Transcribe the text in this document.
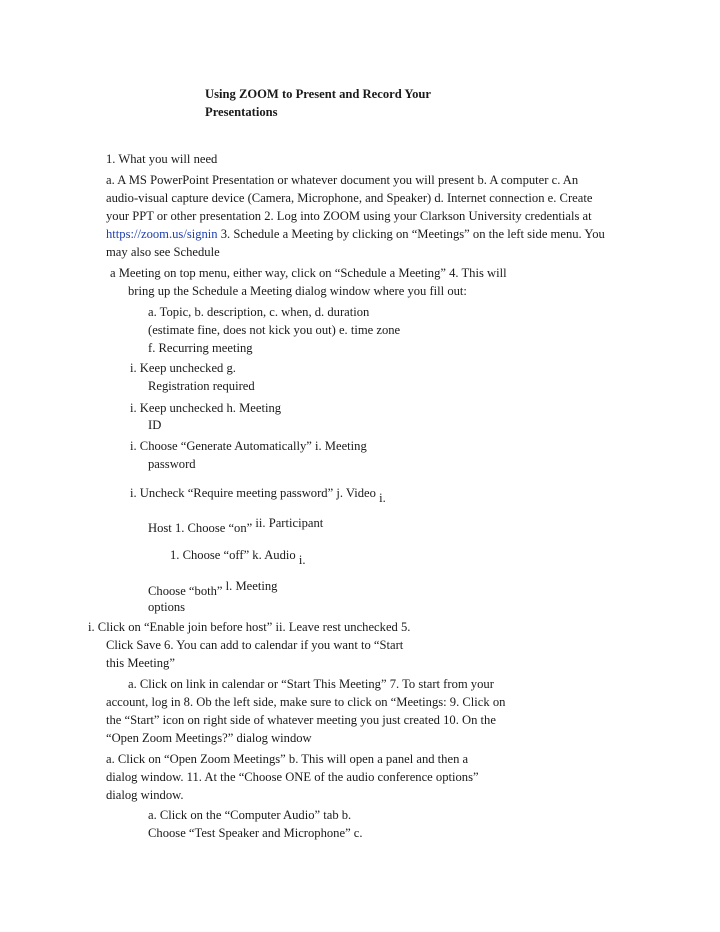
Using ZOOM to Present and Record Your
Presentations
1. What you will need
a. A MS PowerPoint Presentation or whatever document you will present b. A computer c. An
audio-visual capture device (Camera, Microphone, and Speaker) d. Internet connection e. Create
your PPT or other presentation 2. Log into ZOOM using your Clarkson University credentials at
https://zoom.us/signin 3. Schedule a Meeting by clicking on “Meetings” on the left side menu. You
may also see Schedule
a Meeting on top menu, either way, click on “Schedule a Meeting” 4. This will
bring up the Schedule a Meeting dialog window where you fill out:
a. Topic, b. description, c. when, d. duration
(estimate fine, does not kick you out) e. time zone
f. Recurring meeting
i. Keep unchecked g.
Registration required
i. Keep unchecked h. Meeting
ID
i. Choose “Generate Automatically” i. Meeting
password
i. Uncheck “Require meeting password” j. Video i.
Host 1. Choose “on” ii. Participant
1. Choose “off” k. Audio i.
Choose “both” l. Meeting
options
i. Click on “Enable join before host” ii. Leave rest unchecked 5.
Click Save 6. You can add to calendar if you want to “Start
this Meeting”
a. Click on link in calendar or “Start This Meeting” 7. To start from your
account, log in 8. Ob the left side, make sure to click on “Meetings: 9. Click on
the “Start” icon on right side of whatever meeting you just created 10. On the
“Open Zoom Meetings?” dialog window
a. Click on “Open Zoom Meetings” b. This will open a panel and then a
dialog window. 11. At the “Choose ONE of the audio conference options”
dialog window.
a. Click on the “Computer Audio” tab b.
Choose “Test Speaker and Microphone” c.
